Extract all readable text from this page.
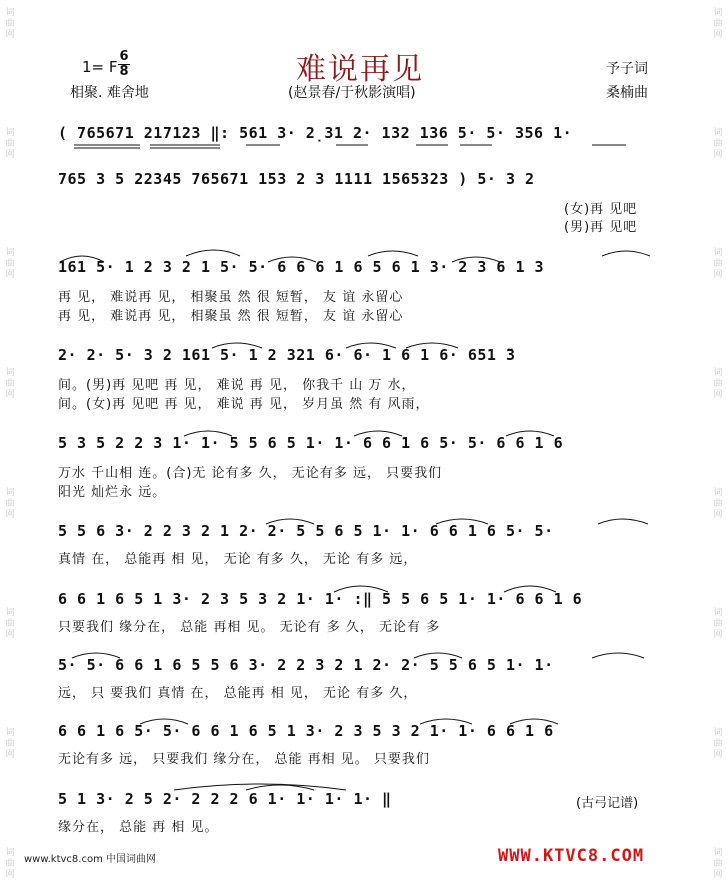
词曲网
词曲网
词曲网
词曲网
词曲网
词曲网
词曲网
词曲网
词曲网
词曲网
词曲网
词曲网
词曲网
词曲网
词曲网
词曲网
1= F
6
8
相聚. 难舍地
难说再见
(赵景春/于秋影演唱)
予子词
桑楠曲
( 765671 217123 ‖: 561 3· 2̣31 2· 132 136 5· 5· 356 1·
765 3 5 22345 765671 153 2 3 1111 1565323 ) 5· 3 2
161 5· 1 2 3 2 1 5· 5· 6 6 6 1 6 5 6 1 3· 2 3 6 1 3
2· 2· 5· 3 2 161 5· 1 2 321 6· 6· 1 6 1 6· 651 ̃3
5 3 5 2 2 3 1· 1· 5 5 6 5 1· 1· 6 6 1 6 5· 5· 6 6 1 6
5 5 6 3· 2 2 3 2 1 2· 2· 5 5 6 5 1· 1· 6 6 1 6 5· 5·
6 6 1 6 5 1 3· 2 3 5 3 2 1· 1· :‖ 5 5 6 5 1· 1· 6 6 1 6
5· 5· 6 6 1 6 5 5 6 3· 2 2 3 2 1 2· 2· 5 5 6 5 1· 1·
6 6 1 6 5· 5· 6 6 1 6 5 1 3· 2 3 5 3 2 1· 1· 6 6 1 6
5 1 3· 2 5 2· 2 2 2 6 1· 1· 1· 1· ‖
(女)再 见吧
(男)再 见吧
再 见， 难说再 见， 相聚虽 然 很 短暂， 友 谊 永留心
再 见， 难说再 见， 相聚虽 然 很 短暂， 友 谊 永留心
间。(男)再 见吧 再 见， 难说 再 见， 你我千 山 万 水，
间。(女)再 见吧 再 见， 难说 再 见， 岁月虽 然 有 风雨，
万水 千山相 连。(合)无 论有多 久， 无论有多 远， 只要我们
阳光 灿烂永 远。
真情 在， 总能再 相 见， 无论 有多 久， 无论 有多 远，
只要我们 缘分在， 总能 再相 见。 无论有 多 久， 无论有 多
远， 只 要我们 真情 在， 总能再 相 见， 无论 有多 久，
无论有多 远， 只要我们 缘分在， 总能 再相 见。 只要我们
缘分在， 总能 再 相 见。
(古弓记谱)
www.ktvc8.com 中国词曲网	WWW.KTVC8.COM
